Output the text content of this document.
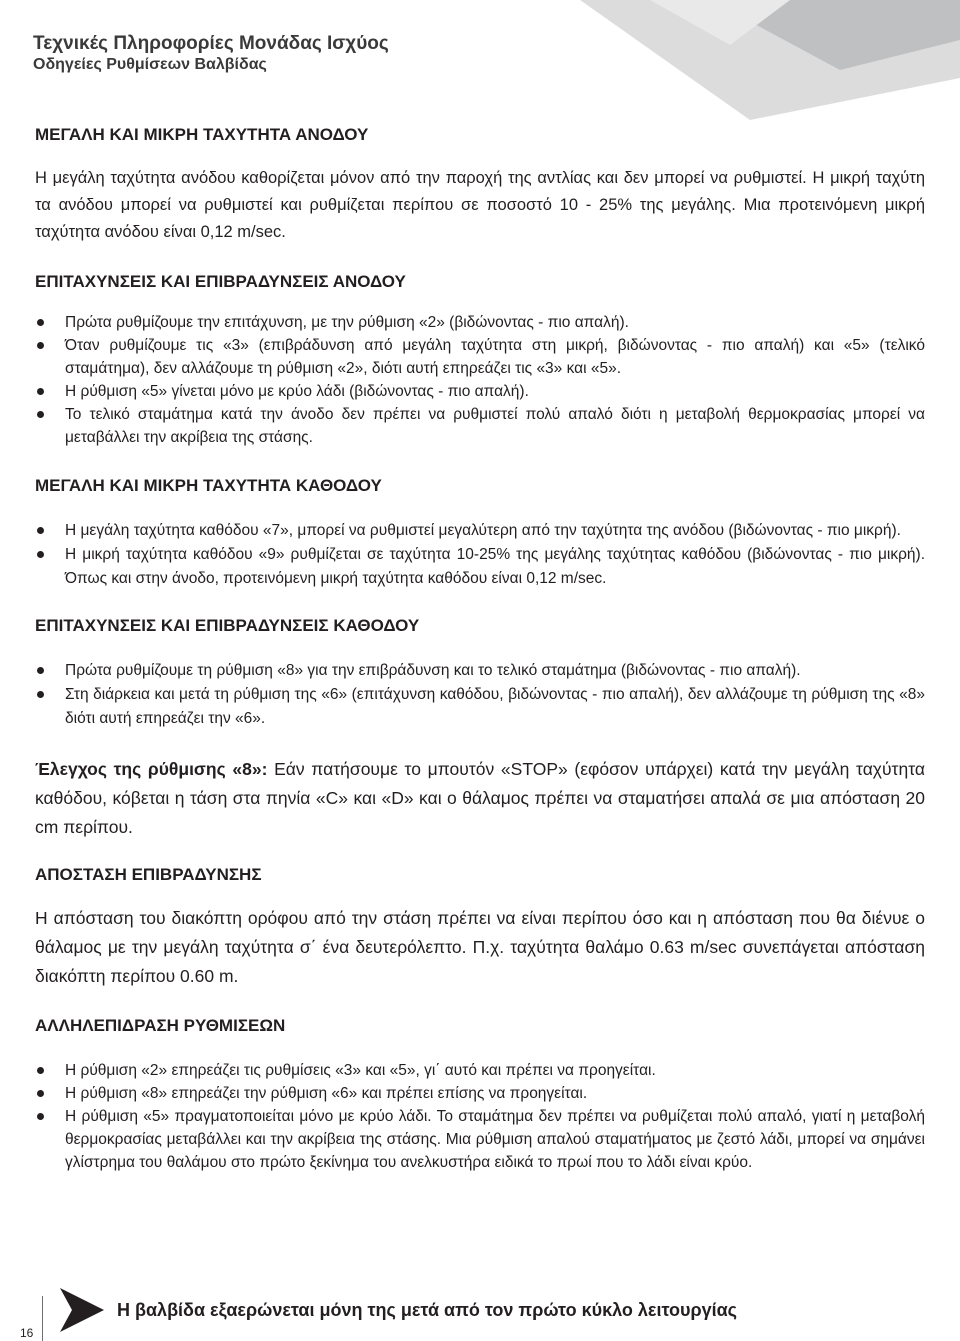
Τεχνικές Πληροφορίες Μονάδας Ισχύος
Οδηγείες Ρυθμίσεων Βαλβίδας
ΜΕΓΑΛΗ ΚΑΙ ΜΙΚΡΗ ΤΑΧΥΤΗΤΑ ΑΝΟΔΟΥ

Η μεγάλη ταχύτητα ανόδου καθορίζεται μόνον από την παροχή της αντλίας και δεν μπορεί να ρυθμιστεί. Η μικρή ταχύτη τα ανόδου μπορεί να ρυθμιστεί και ρυθμίζεται περίπου σε ποσοστό 10 - 25% της μεγάλης. Μια προτεινόμενη μικρή ταχύτητα ανόδου είναι 0,12 m/sec.

ΕΠΙΤΑΧΥΝΣΕΙΣ ΚΑΙ ΕΠΙΒΡΑΔΥΝΣΕΙΣ ΑΝΟΔΟΥ
Πρώτα ρυθμίζουμε την επιτάχυνση, με την ρύθμιση «2» (βιδώνοντας - πιο απαλή).
Όταν ρυθμίζουμε τις «3» (επιβράδυνση από μεγάλη ταχύτητα στη μικρή, βιδώνοντας - πιο απαλή) και «5» (τελικό σταμάτημα), δεν αλλάζουμε τη ρύθμιση «2», διότι αυτή επηρεάζει τις «3» και «5».
Η ρύθμιση «5» γίνεται μόνο με κρύο λάδι (βιδώνοντας - πιο απαλή).
Το τελικό σταμάτημα κατά την άνοδο δεν πρέπει να ρυθμιστεί πολύ απαλό διότι η μεταβολή θερμοκρασίας μπορεί να μεταβάλλει την ακρίβεια της στάσης.
ΜΕΓΑΛΗ ΚΑΙ ΜΙΚΡΗ ΤΑΧΥΤΗΤΑ ΚΑΘΟΔΟΥ
Η μεγάλη ταχύτητα καθόδου «7», μπορεί να ρυθμιστεί μεγαλύτερη από την ταχύτητα της ανόδου (βιδώνοντας - πιο μικρή).
Η μικρή ταχύτητα καθόδου «9» ρυθμίζεται σε ταχύτητα 10-25% της μεγάλης ταχύτητας καθόδου (βιδώνοντας - πιο μικρή). Όπως και στην άνοδο, προτεινόμενη μικρή ταχύτητα καθόδου είναι 0,12 m/sec.
ΕΠΙΤΑΧΥΝΣΕΙΣ ΚΑΙ ΕΠΙΒΡΑΔΥΝΣΕΙΣ ΚΑΘΟΔΟΥ
Πρώτα ρυθμίζουμε τη ρύθμιση «8» για την επιβράδυνση και το τελικό σταμάτημα (βιδώνοντας - πιο απαλή).
Στη διάρκεια και μετά τη ρύθμιση της «6» (επιτάχυνση καθόδου, βιδώνοντας - πιο απαλή), δεν αλλάζουμε τη ρύθμιση της «8» διότι αυτή επηρεάζει την «6».

Έλεγχος της ρύθμισης «8»: Εάν πατήσουμε το μπουτόν «STOP» (εφόσον υπάρχει) κατά την μεγάλη ταχύτητα καθόδου, κόβεται η τάση στα πηνία «C» και «D» και ο θάλαμος πρέπει να σταματήσει απαλά σε μια απόσταση 20 cm περίπου.

ΑΠΟΣΤΑΣΗ ΕΠΙΒΡΑΔΥΝΣΗΣ

Η απόσταση του διακόπτη ορόφου από την στάση πρέπει να είναι περίπου όσο και η απόσταση που θα διένυε ο θάλαμος με την μεγάλη ταχύτητα σ΄ ένα δευτερόλεπτο. Π.χ. ταχύτητα θαλάμο 0.63 m/sec συνεπάγεται απόσταση διακόπτη περίπου 0.60 m.

ΑΛΛΗΛΕΠΙΔΡΑΣΗ ΡΥΘΜΙΣΕΩΝ
Η ρύθμιση «2» επηρεάζει τις ρυθμίσεις «3» και «5», γι΄ αυτό και πρέπει να προηγείται.
Η ρύθμιση «8» επηρεάζει την ρύθμιση «6» και πρέπει επίσης να προηγείται.
Η ρύθμιση «5» πραγματοποιείται μόνο με κρύο λάδι. Το σταμάτημα δεν πρέπει να ρυθμίζεται πολύ απαλό, γιατί η μεταβολή θερμοκρασίας μεταβάλλει και την ακρίβεια της στάσης. Μια ρύθμιση απαλού σταματήματος με ζεστό λάδι, μπορεί να σημάνει γλίστρημα του θαλάμου στο πρώτο ξεκίνημα του ανελκυστήρα ειδικά το πρωί που το λάδι είναι κρύο.
Η βαλβίδα εξαερώνεται μόνη της μετά από τον πρώτο κύκλο λειτουργίας
16
